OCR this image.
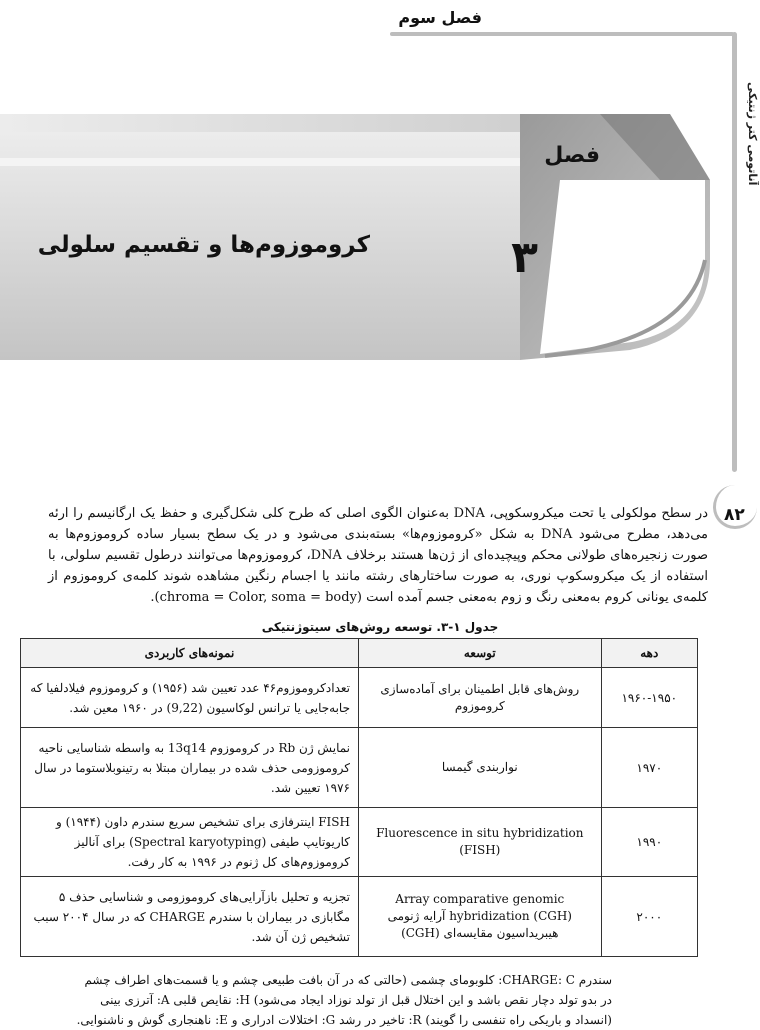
فصل سوم
آناتومی کتر ژنتیکی
۸۲
فصل
۳
کروموزوم‌ها و تقسیم سلولی

در سطح مولکولی یا تحت میکروسکوپی، DNA به‌عنوان الگوی اصلی که طرح کلی شکل‌گیری و حفظ یک ارگانیسم را ارئه می‌دهد، مطرح می‌شود DNA به شکل «کروموزوم‌ها» بسته‌بندی می‌شود و در یک سطح بسیار ساده کروموزوم‌ها به صورت زنجیره‌های طولانی محکم وپیچیده‌ای از ژن‌ها هستند برخلاف DNA، کروموزوم‌ها می‌توانند درطول تقسیم سلولی، با استفاده از یک میکروسکوپ نوری، به صورت ساختارهای رشته مانند یا اجسام رنگین مشاهده شوند کلمه‌ی کروموزوم از کلمه‌ی یونانی کروم به‌معنی رنگ و زوم به‌معنی جسم آمده است (chroma = Color, soma = body).

جدول ۱-۳. توسعه روش‌های سیتوژنتیکی
دهه	توسعه	نمونه‌های کاربردی
۱۹۶۰-۱۹۵۰	روش‌های قابل اطمینان برای آماده‌سازی کروموزوم	تعدادکروموزوم۴۶ عدد تعیین شد (۱۹۵۶) و کروموزوم فیلادلفیا که جابه‌جایی یا ترانس لوکاسیون (9,22) در ۱۹۶۰ معین شد.
۱۹۷۰	نواربندی گیمسا	نمایش ژن Rb در کروموزوم 13q14 به واسطه شناسایی ناحیه کروموزومی حذف شده در بیماران مبتلا به رتینوبلاستوما در سال ۱۹۷۶ تعیین شد.
۱۹۹۰	Fluorescence in situ hybridization (FISH)	FISH اینترفازی برای تشخیص سریع سندرم داون (۱۹۴۴) و کاریوتایپ طیفی (Spectral karyotyping) برای آنالیز کروموزوم‌های کل ژنوم در ۱۹۹۶ به کار رفت.
۲۰۰۰	Array comparative genomic hybridization (CGH) آرایه ژنومی هیبریداسیون مقایسه‌ای (CGH)	تجزیه و تحلیل بازآرایی‌های کروموزومی و شناسایی حذف ۵ مگابازی در بیماران با سندرم CHARGE که در سال ۲۰۰۴ سبب تشخیص ژن آن شد.

سندرم CHARGE: C: کلوبومای چشمی (حالتی که در آن بافت طبیعی چشم و یا قسمت‌های اطراف چشم در بدو تولد دچار نقص باشد و این اختلال قبل از تولد نوزاد ایجاد می‌شود) H: نقایص قلبی A: آترزی بینی (انسداد و باریکی راه تنفسی را گویند) R: تاخیر در رشد G: اختلالات ادراری و E: ناهنجاری گوش و ناشنوایی.
